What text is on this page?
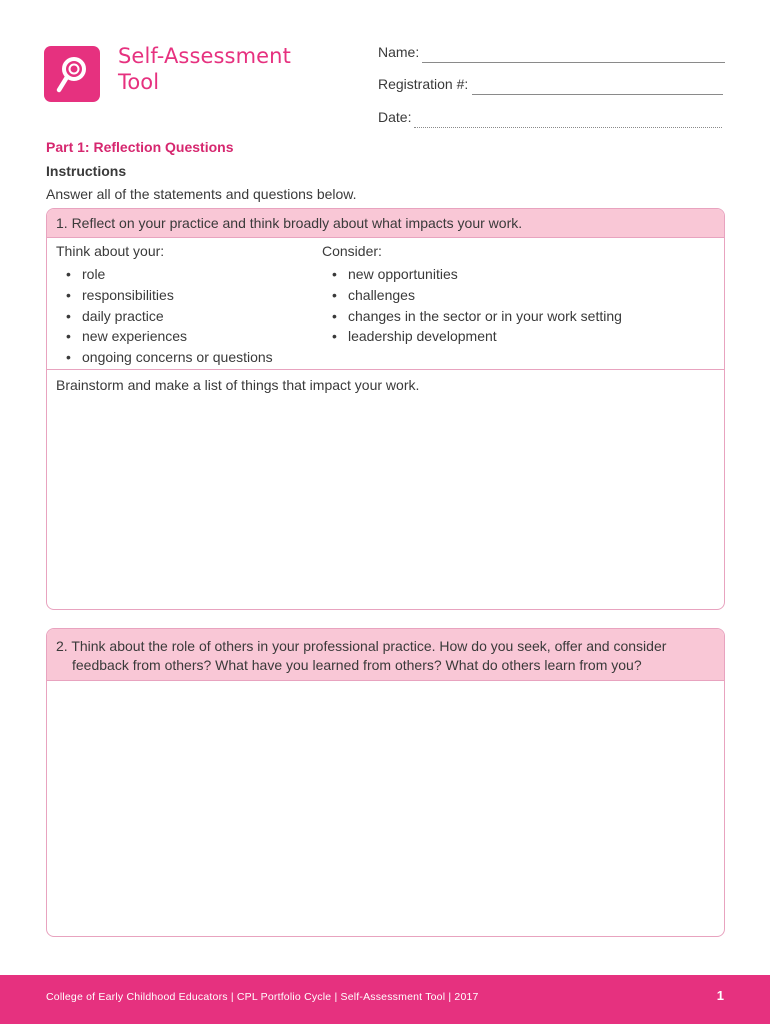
Self-Assessment
Tool
Name:
Registration #:
Date:
Part 1: Reflection Questions
Instructions
Answer all of the statements and questions below.
1. Reflect on your practice and think broadly about what impacts your work.
Think about your:
• role
• responsibilities
• daily practice
• new experiences
• ongoing concerns or questions
Consider:
• new opportunities
• challenges
• changes in the sector or in your work setting
• leadership development
Brainstorm and make a list of things that impact your work.
2. Think about the role of others in your professional practice. How do you seek, offer and consider
feedback from others? What have you learned from others? What do others learn from you?
College of Early Childhood Educators | CPL Portfolio Cycle | Self-Assessment Tool | 2017	1
